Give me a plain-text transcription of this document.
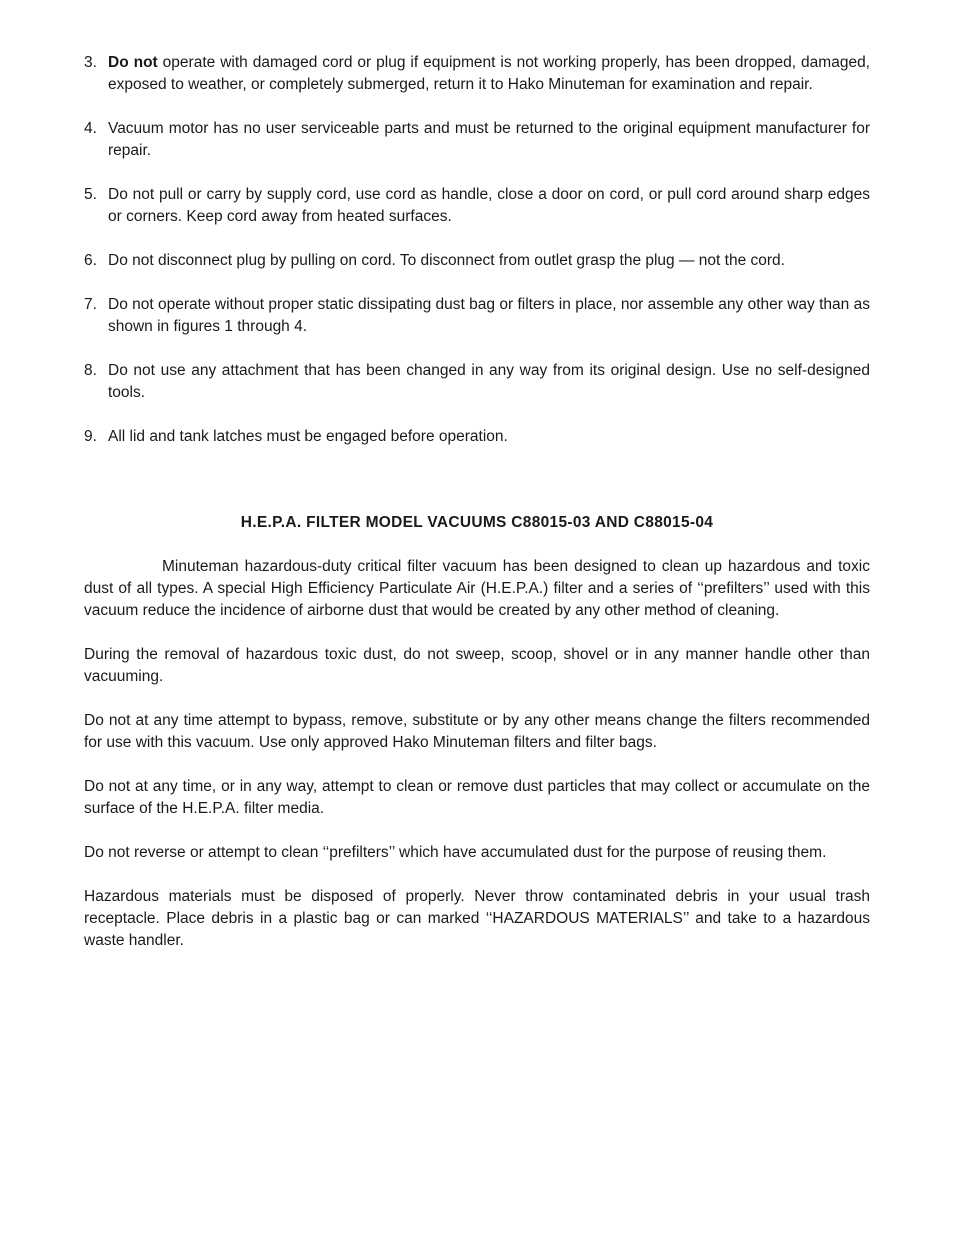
3. Do not operate with damaged cord or plug if equipment is not working properly, has been dropped, damaged, exposed to weather, or completely submerged, return it to Hako Minuteman for examination and repair.
4. Vacuum motor has no user serviceable parts and must be returned to the original equipment manufacturer for repair.
5. Do not pull or carry by supply cord, use cord as handle, close a door on cord, or pull cord around sharp edges or corners. Keep cord away from heated surfaces.
6. Do not disconnect plug by pulling on cord. To disconnect from outlet grasp the plug — not the cord.
7. Do not operate without proper static dissipating dust bag or filters in place, nor assemble any other way than as shown in figures 1 through 4.
8. Do not use any attachment that has been changed in any way from its original design. Use no self-designed tools.
9. All lid and tank latches must be engaged before operation.
H.E.P.A. FILTER MODEL VACUUMS C88015-03 AND C88015-04

Minuteman hazardous-duty critical filter vacuum has been designed to clean up hazardous and toxic dust of all types. A special High Efficiency Particulate Air (H.E.P.A.) filter and a series of ‘‘prefilters’’ used with this vacuum reduce the incidence of airborne dust that would be created by any other method of cleaning.

During the removal of hazardous toxic dust, do not sweep, scoop, shovel or in any manner handle other than vacuuming.

Do not at any time attempt to bypass, remove, substitute or by any other means change the filters recommended for use with this vacuum. Use only approved Hako Minuteman filters and filter bags.

Do not at any time, or in any way, attempt to clean or remove dust particles that may collect or accumulate on the surface of the H.E.P.A. filter media.

Do not reverse or attempt to clean ‘‘prefilters’’ which have accumulated dust for the purpose of reusing them.

Hazardous materials must be disposed of properly. Never throw contaminated debris in your usual trash receptacle. Place debris in a plastic bag or can marked ‘‘HAZARDOUS MATERIALS’’ and take to a hazardous waste handler.
